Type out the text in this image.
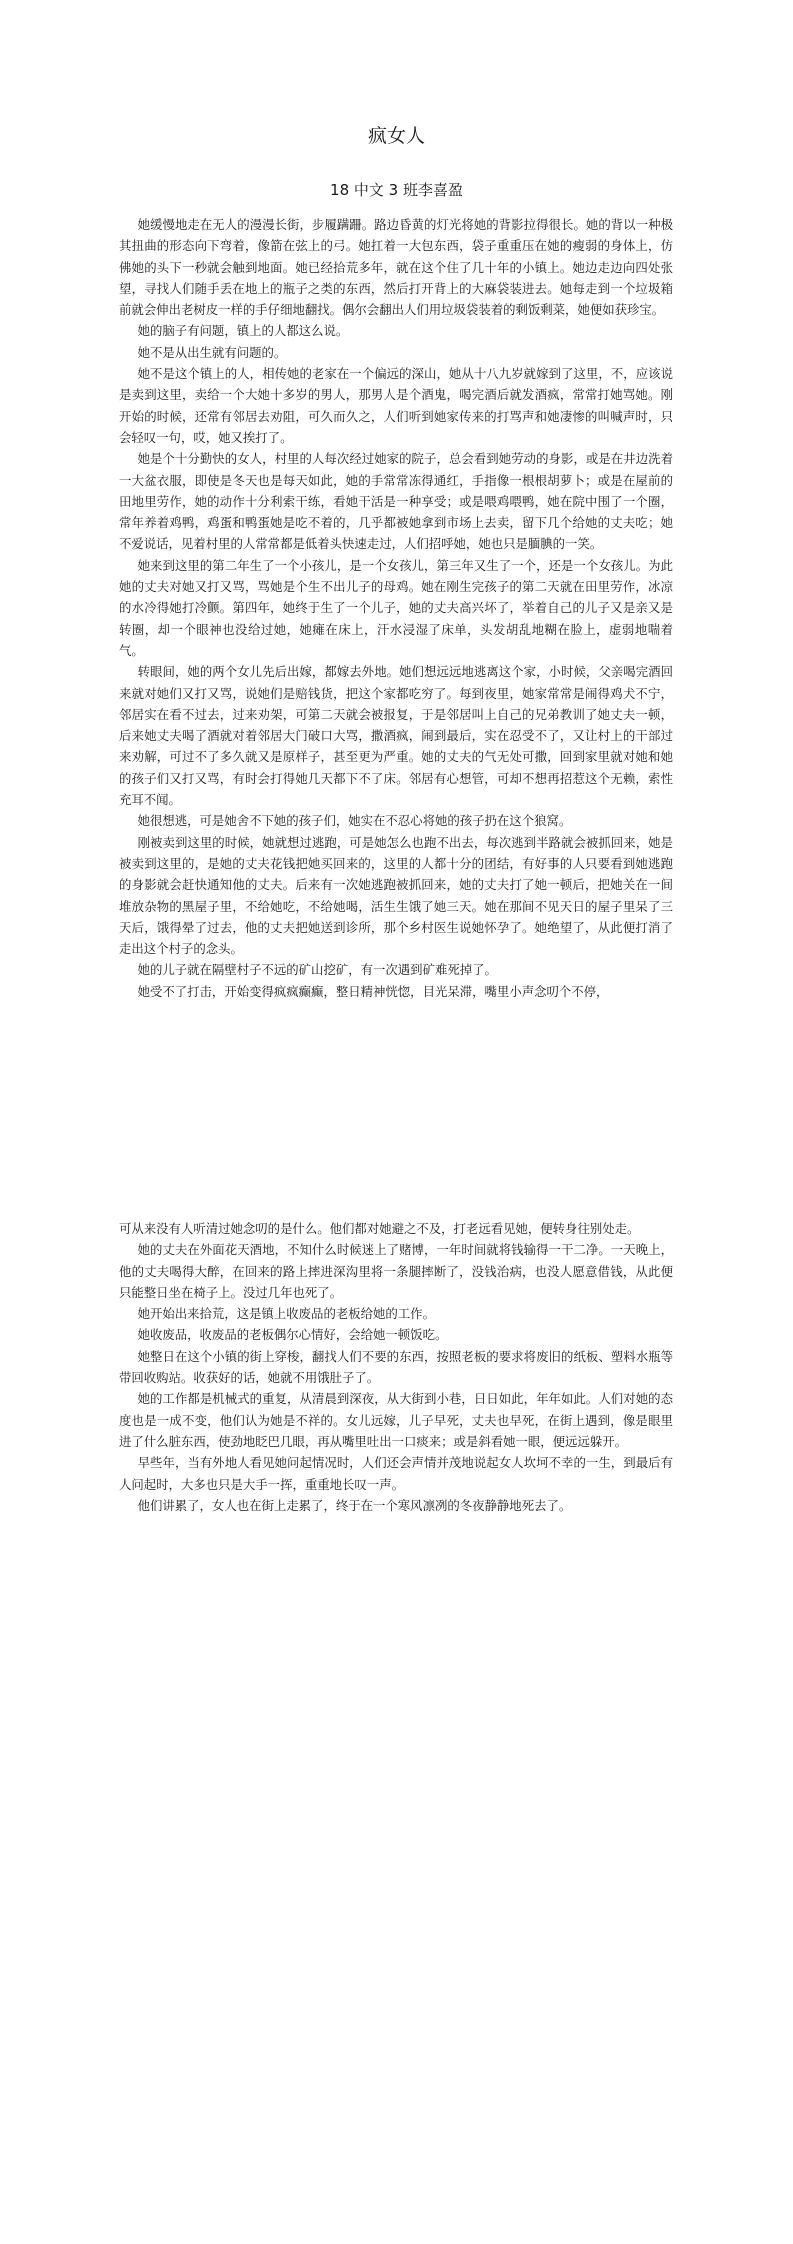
疯女人
18 中文 3 班李喜盈

她缓慢地走在无人的漫漫长街，步履蹒跚。路边昏黄的灯光将她的背影拉得很长。她的背以一种极其扭曲的形态向下弯着，像箭在弦上的弓。她扛着一大包东西，袋子重重压在她的瘦弱的身体上，仿佛她的头下一秒就会触到地面。她已经拾荒多年，就在这个住了几十年的小镇上。她边走边向四处张望，寻找人们随手丢在地上的瓶子之类的东西，然后打开背上的大麻袋装进去。她每走到一个垃圾箱前就会伸出老树皮一样的手仔细地翻找。偶尔会翻出人们用垃圾袋装着的剩饭剩菜，她便如获珍宝。

她的脑子有问题，镇上的人都这么说。

她不是从出生就有问题的。

她不是这个镇上的人，相传她的老家在一个偏远的深山，她从十八九岁就嫁到了这里，不，应该说是卖到这里，卖给一个大她十多岁的男人，那男人是个酒鬼，喝完酒后就发酒疯，常常打她骂她。刚开始的时候，还常有邻居去劝阻，可久而久之，人们听到她家传来的打骂声和她凄惨的叫喊声时，只会轻叹一句，哎，她又挨打了。

她是个十分勤快的女人，村里的人每次经过她家的院子，总会看到她劳动的身影，或是在井边洗着一大盆衣服，即使是冬天也是每天如此，她的手常常冻得通红，手指像一根根胡萝卜；或是在屋前的田地里劳作，她的动作十分利索干练，看她干活是一种享受；或是喂鸡喂鸭，她在院中围了一个圈，常年养着鸡鸭，鸡蛋和鸭蛋她是吃不着的，几乎都被她拿到市场上去卖，留下几个给她的丈夫吃；她不爱说话，见着村里的人常常都是低着头快速走过，人们招呼她，她也只是腼腆的一笑。

她来到这里的第二年生了一个小孩儿，是一个女孩儿，第三年又生了一个，还是一个女孩儿。为此她的丈夫对她又打又骂，骂她是个生不出儿子的母鸡。她在刚生完孩子的第二天就在田里劳作，冰凉的水冷得她打冷颤。第四年，她终于生了一个儿子，她的丈夫高兴坏了，举着自己的儿子又是亲又是转圈，却一个眼神也没给过她，她瘫在床上，汗水浸湿了床单，头发胡乱地糊在脸上，虚弱地喘着气。

转眼间，她的两个女儿先后出嫁，都嫁去外地。她们想远远地逃离这个家，小时候，父亲喝完酒回来就对她们又打又骂，说她们是赔钱货，把这个家都吃穷了。每到夜里，她家常常是闹得鸡犬不宁，邻居实在看不过去，过来劝架，可第二天就会被报复，于是邻居叫上自己的兄弟教训了她丈夫一顿，后来她丈夫喝了酒就对着邻居大门破口大骂，撒酒疯，闹到最后，实在忍受不了，又让村上的干部过来劝解，可过不了多久就又是原样子，甚至更为严重。她的丈夫的气无处可撒，回到家里就对她和她的孩子们又打又骂，有时会打得她几天都下不了床。邻居有心想管，可却不想再招惹这个无赖，索性充耳不闻。

她很想逃，可是她舍不下她的孩子们，她实在不忍心将她的孩子扔在这个狼窝。

刚被卖到这里的时候，她就想过逃跑，可是她怎么也跑不出去，每次逃到半路就会被抓回来，她是被卖到这里的，是她的丈夫花钱把她买回来的，这里的人都十分的团结，有好事的人只要看到她逃跑的身影就会赶快通知他的丈夫。后来有一次她逃跑被抓回来，她的丈夫打了她一顿后，把她关在一间堆放杂物的黑屋子里，不给她吃，不给她喝，活生生饿了她三天。她在那间不见天日的屋子里呆了三天后，饿得晕了过去，他的丈夫把她送到诊所，那个乡村医生说她怀孕了。她绝望了，从此便打消了走出这个村子的念头。

她的儿子就在隔壁村子不远的矿山挖矿，有一次遇到矿难死掉了。

她受不了打击，开始变得疯疯癫癫，整日精神恍惚，目光呆滞，嘴里小声念叨个不停，

可从来没有人听清过她念叨的是什么。他们都对她避之不及，打老远看见她，便转身往别处走。

她的丈夫在外面花天酒地，不知什么时候迷上了赌博，一年时间就将钱输得一干二净。一天晚上，他的丈夫喝得大醉，在回来的路上摔进深沟里将一条腿摔断了，没钱治病，也没人愿意借钱，从此便只能整日坐在椅子上。没过几年也死了。

她开始出来拾荒，这是镇上收废品的老板给她的工作。

她收废品，收废品的老板偶尔心情好，会给她一顿饭吃。

她整日在这个小镇的街上穿梭，翻找人们不要的东西，按照老板的要求将废旧的纸板、塑料水瓶等带回收购站。收获好的话，她就不用饿肚子了。

她的工作都是机械式的重复，从清晨到深夜，从大街到小巷，日日如此，年年如此。人们对她的态度也是一成不变，他们认为她是不祥的。女儿远嫁，儿子早死，丈夫也早死，在街上遇到，像是眼里进了什么脏东西，使劲地眨巴几眼，再从嘴里吐出一口痰来；或是斜看她一眼，便远远躲开。

早些年，当有外地人看见她问起情况时，人们还会声情并茂地说起女人坎坷不幸的一生，到最后有人问起时，大多也只是大手一挥，重重地长叹一声。

他们讲累了，女人也在街上走累了，终于在一个寒风凛冽的冬夜静静地死去了。
